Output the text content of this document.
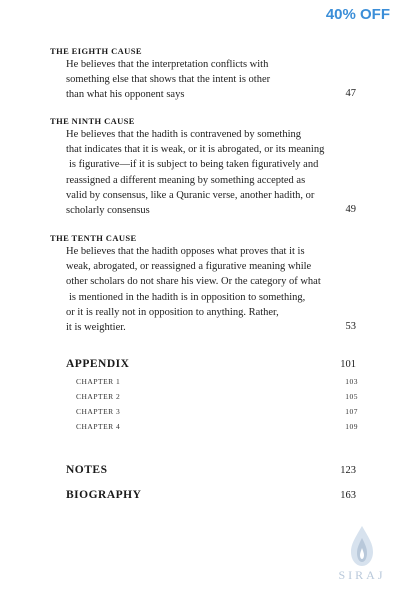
40% OFF
THE EIGHTH CAUSE
He believes that the interpretation conflicts with
something else that shows that the intent is other
than what his opponent says	47
THE NINTH CAUSE
He believes that the hadith is contravened by something
that indicates that it is weak, or it is abrogated, or its meaning
is figurative—if it is subject to being taken figuratively and
reassigned a different meaning by something accepted as
valid by consensus, like a Quranic verse, another hadith, or
scholarly consensus	49
THE TENTH CAUSE
He believes that the hadith opposes what proves that it is
weak, abrogated, or reassigned a figurative meaning while
other scholars do not share his view. Or the category of what
is mentioned in the hadith is in opposition to something,
or it is really not in opposition to anything. Rather,
it is weightier.	53
APPENDIX	101
CHAPTER 1	103
CHAPTER 2	105
CHAPTER 3	107
CHAPTER 4	109
NOTES	123
BIOGRAPHY	163
SIRAJ
